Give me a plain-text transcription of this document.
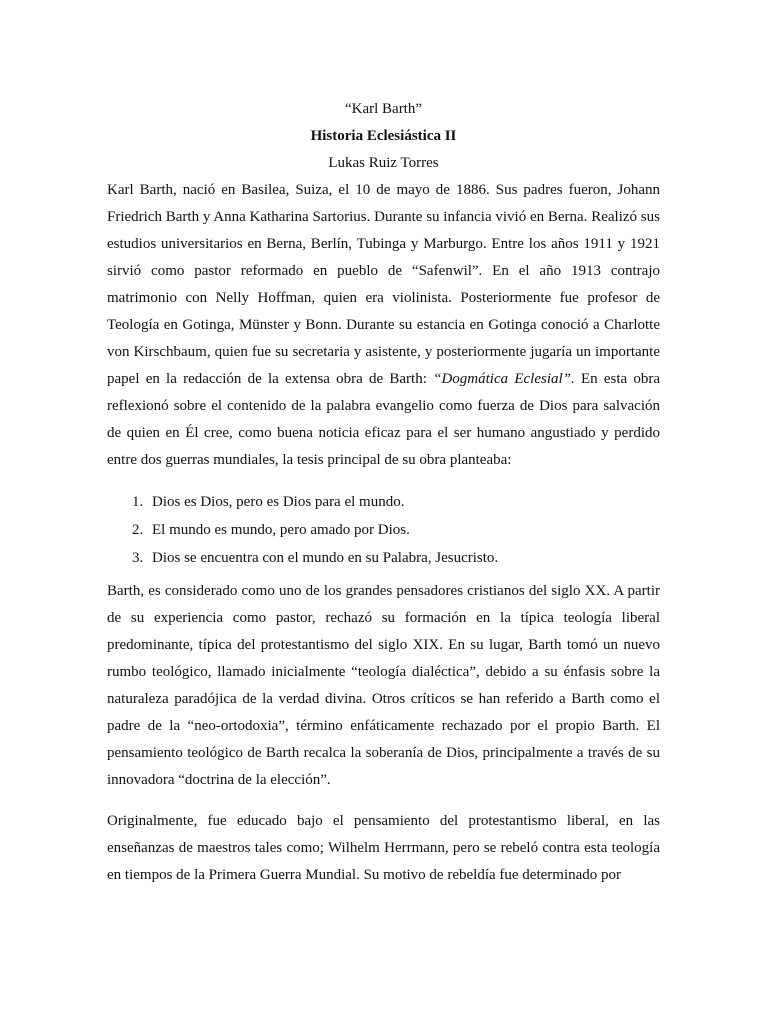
“Karl Barth”

Historia Eclesiástica II

Lukas Ruiz Torres

Karl Barth, nació en Basilea, Suiza, el 10 de mayo de 1886. Sus padres fueron, Johann Friedrich Barth y Anna Katharina Sartorius. Durante su infancia vivió en Berna. Realizó sus estudios universitarios en Berna, Berlín, Tubinga y Marburgo. Entre los años 1911 y 1921 sirvió como pastor reformado en pueblo de “Safenwil”. En el año 1913 contrajo matrimonio con Nelly Hoffman, quien era violinista. Posteriormente fue profesor de Teología en Gotinga, Münster y Bonn. Durante su estancia en Gotinga conoció a Charlotte von Kirschbaum, quien fue su secretaria y asistente, y posteriormente jugaría un importante papel en la redacción de la extensa obra de Barth: “Dogmática Eclesial”. En esta obra reflexionó sobre el contenido de la palabra evangelio como fuerza de Dios para salvación de quien en Él cree, como buena noticia eficaz para el ser humano angustiado y perdido entre dos guerras mundiales, la tesis principal de su obra planteaba:

1. Dios es Dios, pero es Dios para el mundo.
2. El mundo es mundo, pero amado por Dios.
3. Dios se encuentra con el mundo en su Palabra, Jesucristo.

Barth, es considerado como uno de los grandes pensadores cristianos del siglo XX. A partir de su experiencia como pastor, rechazó su formación en la típica teología liberal predominante, típica del protestantismo del siglo XIX. En su lugar, Barth tomó un nuevo rumbo teológico, llamado inicialmente “teología dialéctica”, debido a su énfasis sobre la naturaleza paradójica de la verdad divina. Otros críticos se han referido a Barth como el padre de la “neo-ortodoxia”, término enfáticamente rechazado por el propio Barth. El pensamiento teológico de Barth recalca la soberanía de Dios, principalmente a través de su innovadora “doctrina de la elección”.

Originalmente, fue educado bajo el pensamiento del protestantismo liberal, en las enseñanzas de maestros tales como; Wilhelm Herrmann, pero se rebeló contra esta teología en tiempos de la Primera Guerra Mundial. Su motivo de rebeldía fue determinado por
